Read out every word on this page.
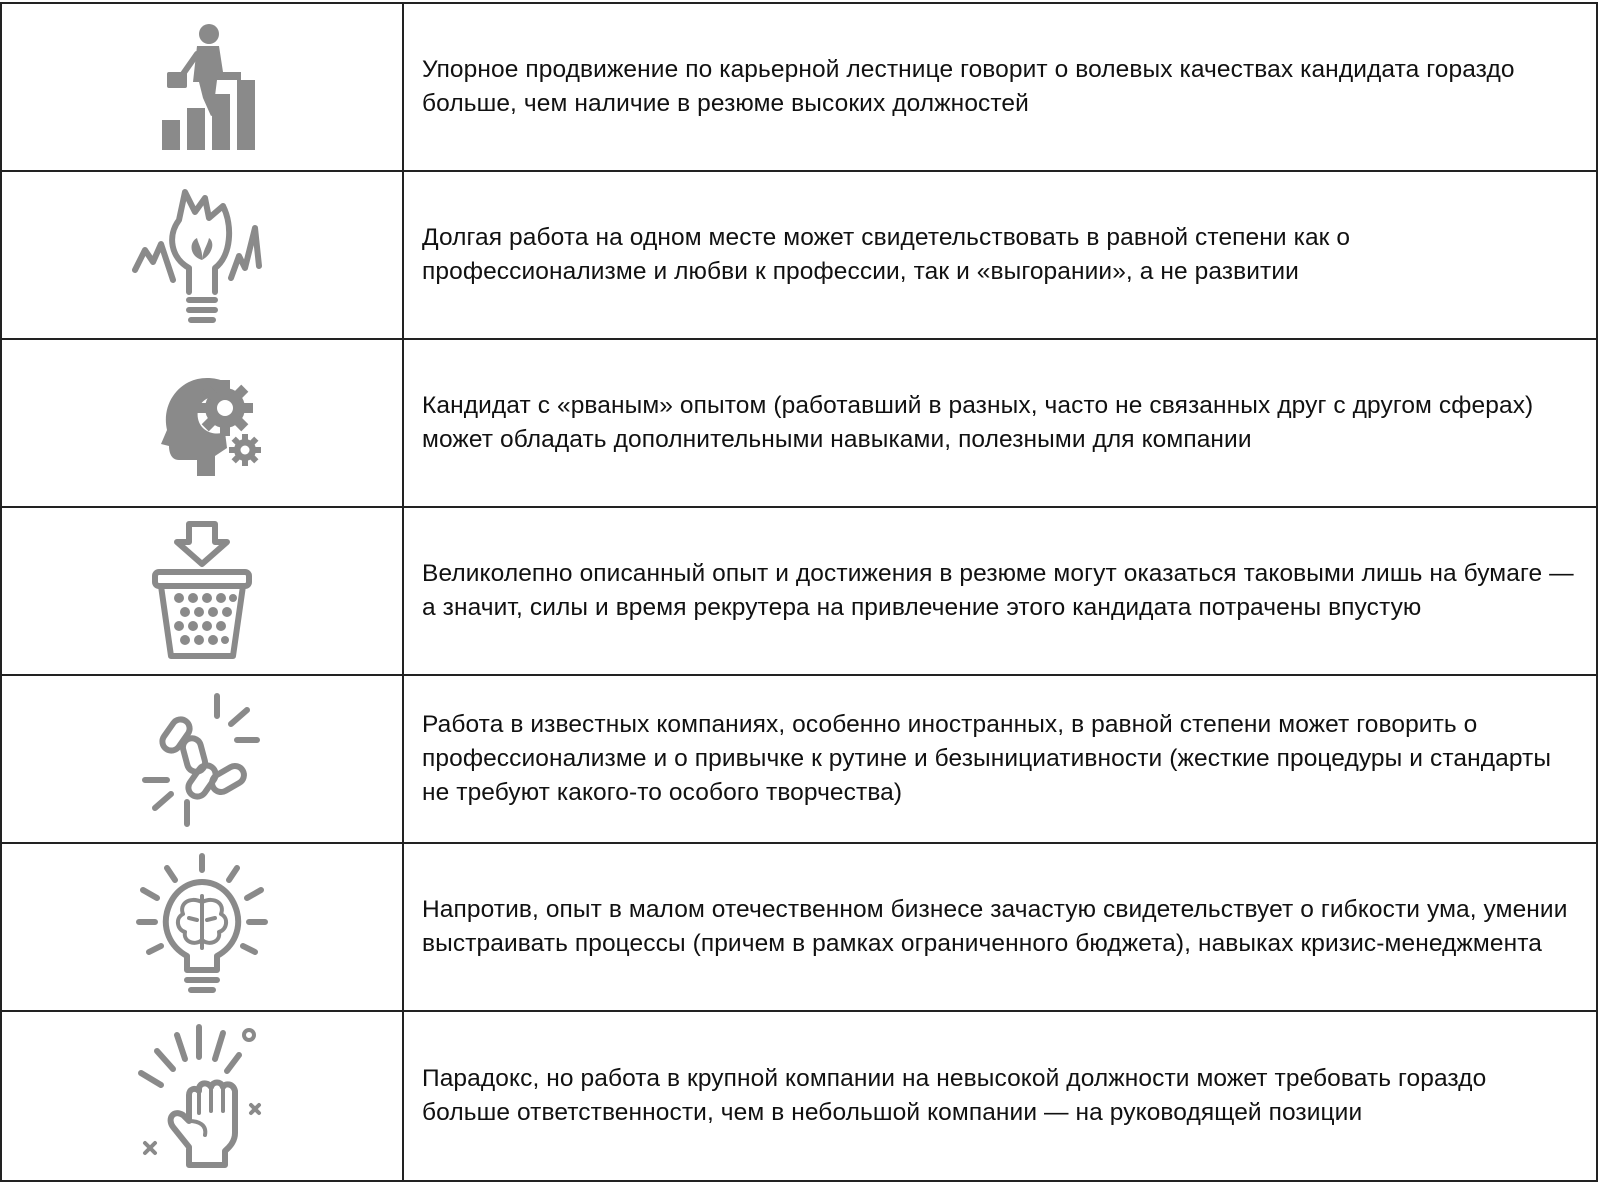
Упорное продвижение по карьерной лестнице говорит о волевых качествах кандидата гораздо больше, чем наличие в резюме высоких должностей

Долгая работа на одном месте может свидетельствовать в равной степени как о профессионализме и любви к профессии, так и «выгорании», а не развитии

Кандидат с «рваным» опытом (работавший в разных, часто не связанных друг с другом сферах) может обладать дополнительными навыками, полезными для компании

Великолепно описанный опыт и достижения в резюме могут оказаться таковыми лишь на бумаге — а значит, силы и время рекрутера на привлечение этого кандидата потрачены впустую

Работа в известных компаниях, особенно иностранных, в равной степени может говорить о профессионализме и о привычке к рутине и безынициативности (жесткие процедуры и стандарты не требуют какого-то особого творчества)

Напротив, опыт в малом отечественном бизнесе зачастую свидетельствует о гибкости ума, умении выстраивать процессы (причем в рамках ограниченного бюджета), навыках кризис-менеджмента

Парадокс, но работа в крупной компании на невысокой должности может требовать гораздо больше ответственности, чем в небольшой компании — на руководящей позиции
